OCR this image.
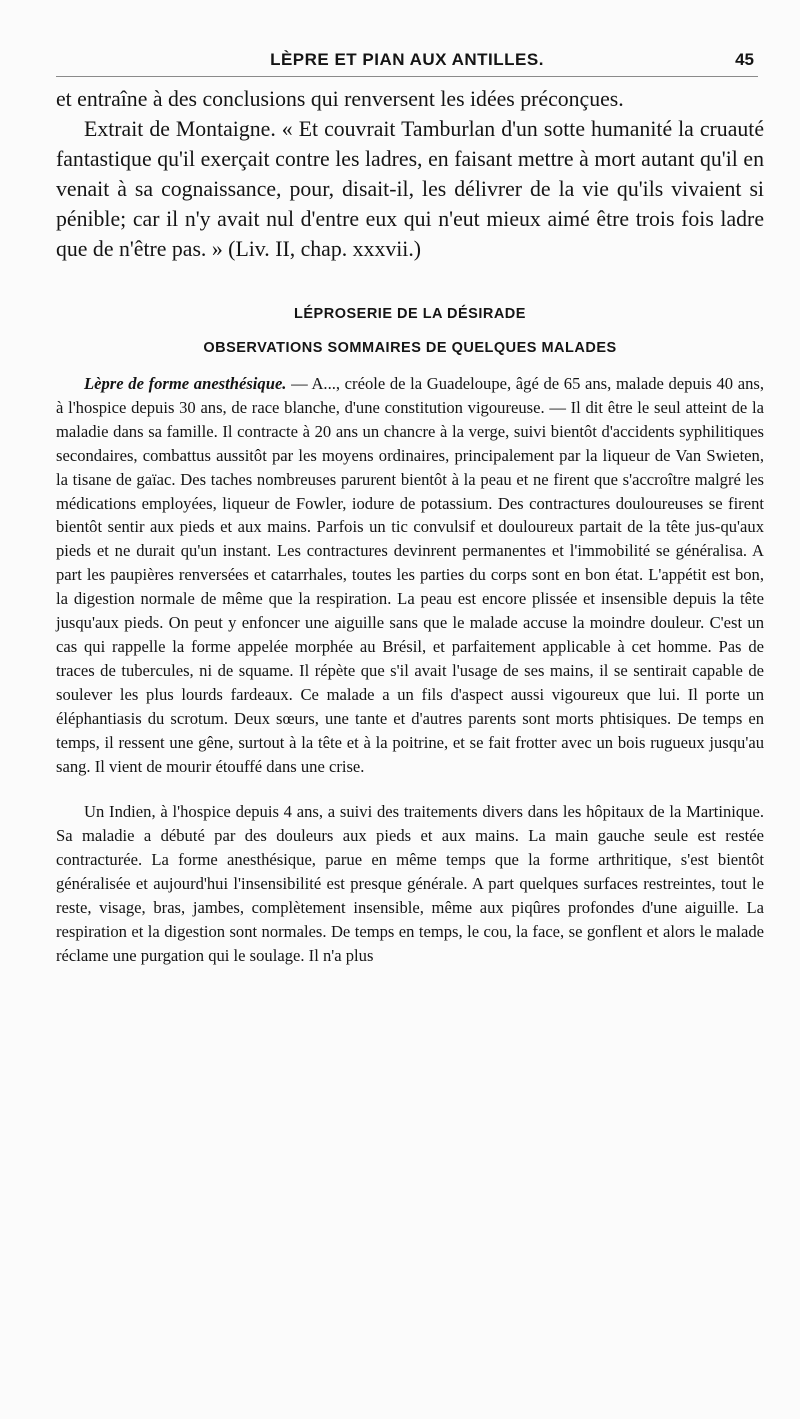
LÈPRE ET PIAN AUX ANTILLES.	45

et entraîne à des conclusions qui renversent les idées préconçues.

Extrait de Montaigne. « Et couvrait Tamburlan d'un sotte humanité la cruauté fantastique qu'il exerçait contre les ladres, en faisant mettre à mort autant qu'il en venait à sa cognaissance, pour, disait-il, les délivrer de la vie qu'ils vivaient si pénible; car il n'y avait nul d'entre eux qui n'eut mieux aimé être trois fois ladre que de n'être pas. » (Liv. II, chap. xxxvii.)

LÉPROSERIE DE LA DÉSIRADE
OBSERVATIONS SOMMAIRES DE QUELQUES MALADES

Lèpre de forme anesthésique. — A..., créole de la Guadeloupe, âgé de 65 ans, malade depuis 40 ans, à l'hospice depuis 30 ans, de race blanche, d'une constitution vigoureuse. — Il dit être le seul atteint de la maladie dans sa famille. Il contracte à 20 ans un chancre à la verge, suivi bientôt d'accidents syphilitiques secondaires, combattus aussitôt par les moyens ordinaires, principalement par la liqueur de Van Swieten, la tisane de gaïac. Des taches nombreuses parurent bientôt à la peau et ne firent que s'accroître malgré les médications employées, liqueur de Fowler, iodure de potassium. Des contractures douloureuses se firent bientôt sentir aux pieds et aux mains. Parfois un tic convulsif et douloureux partait de la tête jus-qu'aux pieds et ne durait qu'un instant. Les contractures devinrent permanentes et l'immobilité se généralisa. A part les paupières renversées et catarrhales, toutes les parties du corps sont en bon état. L'appétit est bon, la digestion normale de même que la respiration. La peau est encore plissée et insensible depuis la tête jusqu'aux pieds. On peut y enfoncer une aiguille sans que le malade accuse la moindre douleur. C'est un cas qui rappelle la forme appelée morphée au Brésil, et parfaitement applicable à cet homme. Pas de traces de tubercules, ni de squame. Il répète que s'il avait l'usage de ses mains, il se sentirait capable de soulever les plus lourds fardeaux. Ce malade a un fils d'aspect aussi vigoureux que lui. Il porte un éléphantiasis du scrotum. Deux sœurs, une tante et d'autres parents sont morts phtisiques. De temps en temps, il ressent une gêne, surtout à la tête et à la poitrine, et se fait frotter avec un bois rugueux jusqu'au sang. Il vient de mourir étouffé dans une crise.

Un Indien, à l'hospice depuis 4 ans, a suivi des traitements divers dans les hôpitaux de la Martinique. Sa maladie a débuté par des douleurs aux pieds et aux mains. La main gauche seule est restée contracturée. La forme anesthésique, parue en même temps que la forme arthritique, s'est bientôt généralisée et aujourd'hui l'insensibilité est presque générale. A part quelques surfaces restreintes, tout le reste, visage, bras, jambes, complètement insensible, même aux piqûres profondes d'une aiguille. La respiration et la digestion sont normales. De temps en temps, le cou, la face, se gonflent et alors le malade réclame une purgation qui le soulage. Il n'a plus
